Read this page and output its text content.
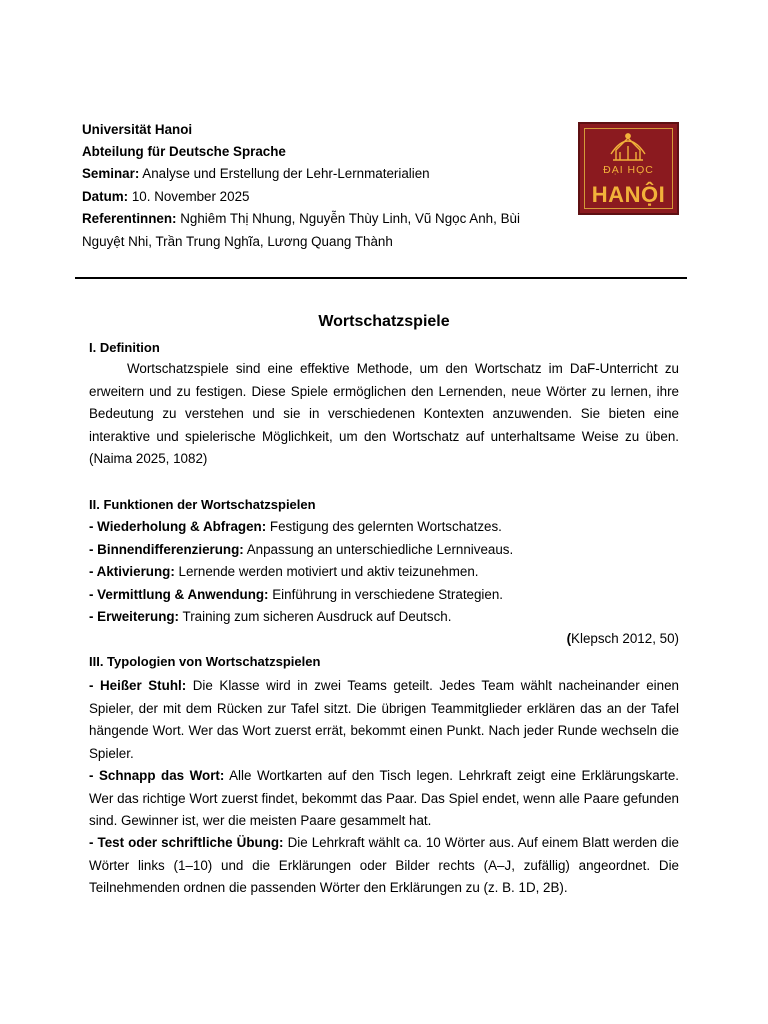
Universität Hanoi
Abteilung für Deutsche Sprache
Seminar: Analyse und Erstellung der Lehr-Lernmaterialien
Datum: 10. November 2025
Referentinnen: Nghiêm Thị Nhung, Nguyễn Thùy Linh, Vũ Ngọc Anh, Bùi
Nguyệt Nhi, Trần Trung Nghĩa, Lương Quang Thành
ĐẠI HỌC
HANỘI
Wortschatzspiele
I. Definition
Wortschatzspiele sind eine effektive Methode, um den Wortschatz im DaF-Unterricht zu erweitern und zu festigen. Diese Spiele ermöglichen den Lernenden, neue Wörter zu lernen, ihre Bedeutung zu verstehen und sie in verschiedenen Kontexten anzuwenden. Sie bieten eine interaktive und spielerische Möglichkeit, um den Wortschatz auf unterhaltsame Weise zu üben. (Naima 2025, 1082)
II. Funktionen der Wortschatzspielen
- Wiederholung & Abfragen: Festigung des gelernten Wortschatzes.
- Binnendifferenzierung: Anpassung an unterschiedliche Lernniveaus.
- Aktivierung: Lernende werden motiviert und aktiv teizunehmen.
- Vermittlung & Anwendung: Einführung in verschiedene Strategien.
- Erweiterung: Training zum sicheren Ausdruck auf Deutsch.
(Klepsch 2012, 50)
III. Typologien von Wortschatzspielen
- Heißer Stuhl: Die Klasse wird in zwei Teams geteilt. Jedes Team wählt nacheinander einen Spieler, der mit dem Rücken zur Tafel sitzt. Die übrigen Teammitglieder erklären das an der Tafel hängende Wort. Wer das Wort zuerst errät, bekommt einen Punkt. Nach jeder Runde wechseln die Spieler.
- Schnapp das Wort: Alle Wortkarten auf den Tisch legen. Lehrkraft zeigt eine Erklärungskarte. Wer das richtige Wort zuerst findet, bekommt das Paar. Das Spiel endet, wenn alle Paare gefunden sind. Gewinner ist, wer die meisten Paare gesammelt hat.
- Test oder schriftliche Übung: Die Lehrkraft wählt ca. 10 Wörter aus. Auf einem Blatt werden die Wörter links (1–10) und die Erklärungen oder Bilder rechts (A–J, zufällig) angeordnet. Die Teilnehmenden ordnen die passenden Wörter den Erklärungen zu (z. B. 1D, 2B).
